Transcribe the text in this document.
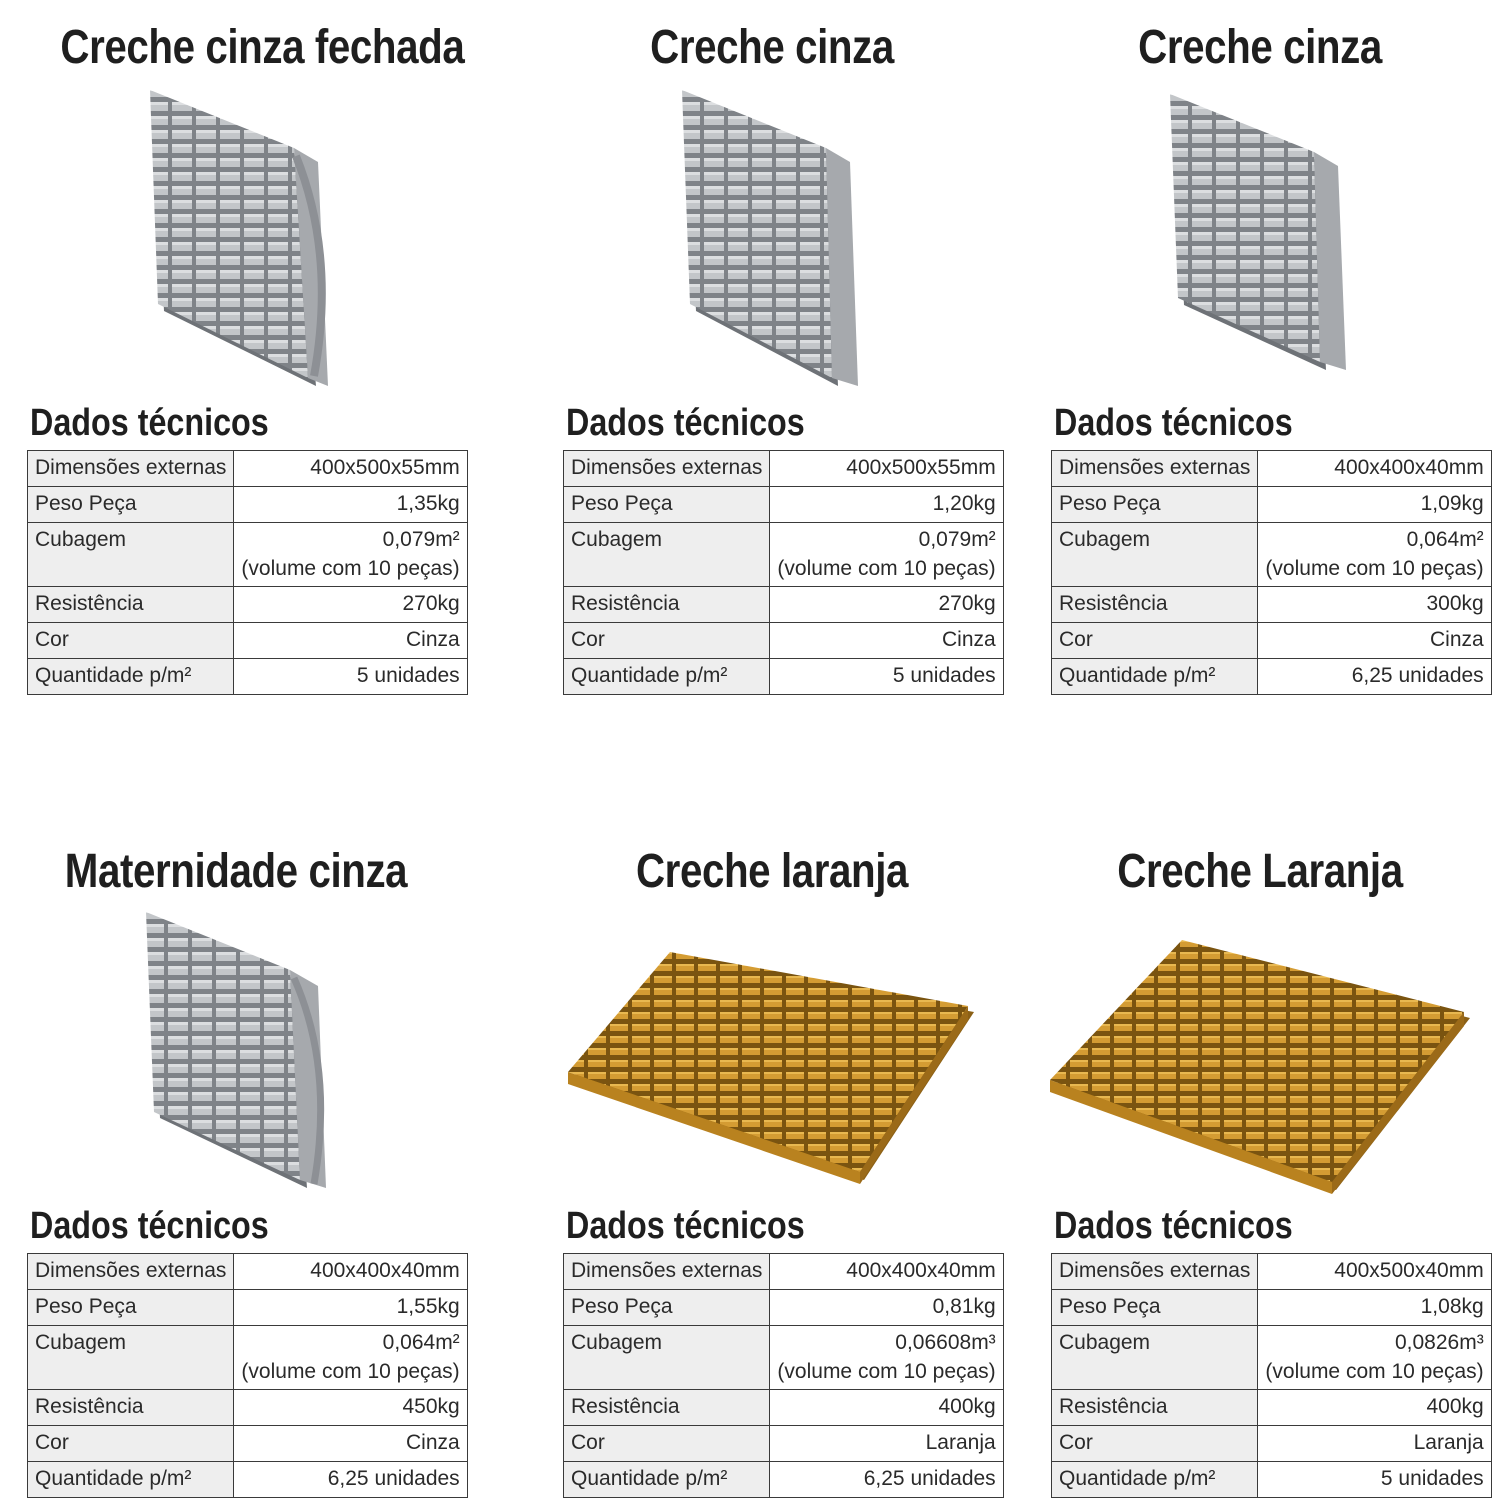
Creche cinza fechada
Dados técnicos
Dimensões externas	400x500x55mm
Peso Peça	1,35kg
Cubagem	0,079m²
(volume com 10 peças)

Resistência	270kg
Cor	Cinza
Quantidade p/m²	5 unidades
Creche cinza
Dados técnicos
Dimensões externas	400x500x55mm
Peso Peça	1,20kg
Cubagem	0,079m²
(volume com 10 peças)

Resistência	270kg
Cor	Cinza
Quantidade p/m²	5 unidades
Creche cinza
Dados técnicos
Dimensões externas	400x400x40mm
Peso Peça	1,09kg
Cubagem	0,064m²
(volume com 10 peças)

Resistência	300kg
Cor	Cinza
Quantidade p/m²	6,25 unidades
Maternidade cinza
Dados técnicos
Dimensões externas	400x400x40mm
Peso Peça	1,55kg
Cubagem	0,064m²
(volume com 10 peças)

Resistência	450kg
Cor	Cinza
Quantidade p/m²	6,25 unidades
Creche laranja
Dados técnicos
Dimensões externas	400x400x40mm
Peso Peça	0,81kg
Cubagem	0,06608m³
(volume com 10 peças)

Resistência	400kg
Cor	Laranja
Quantidade p/m²	6,25 unidades
Creche Laranja
Dados técnicos
Dimensões externas	400x500x40mm
Peso Peça	1,08kg
Cubagem	0,0826m³
(volume com 10 peças)

Resistência	400kg
Cor	Laranja
Quantidade p/m²	5 unidades
